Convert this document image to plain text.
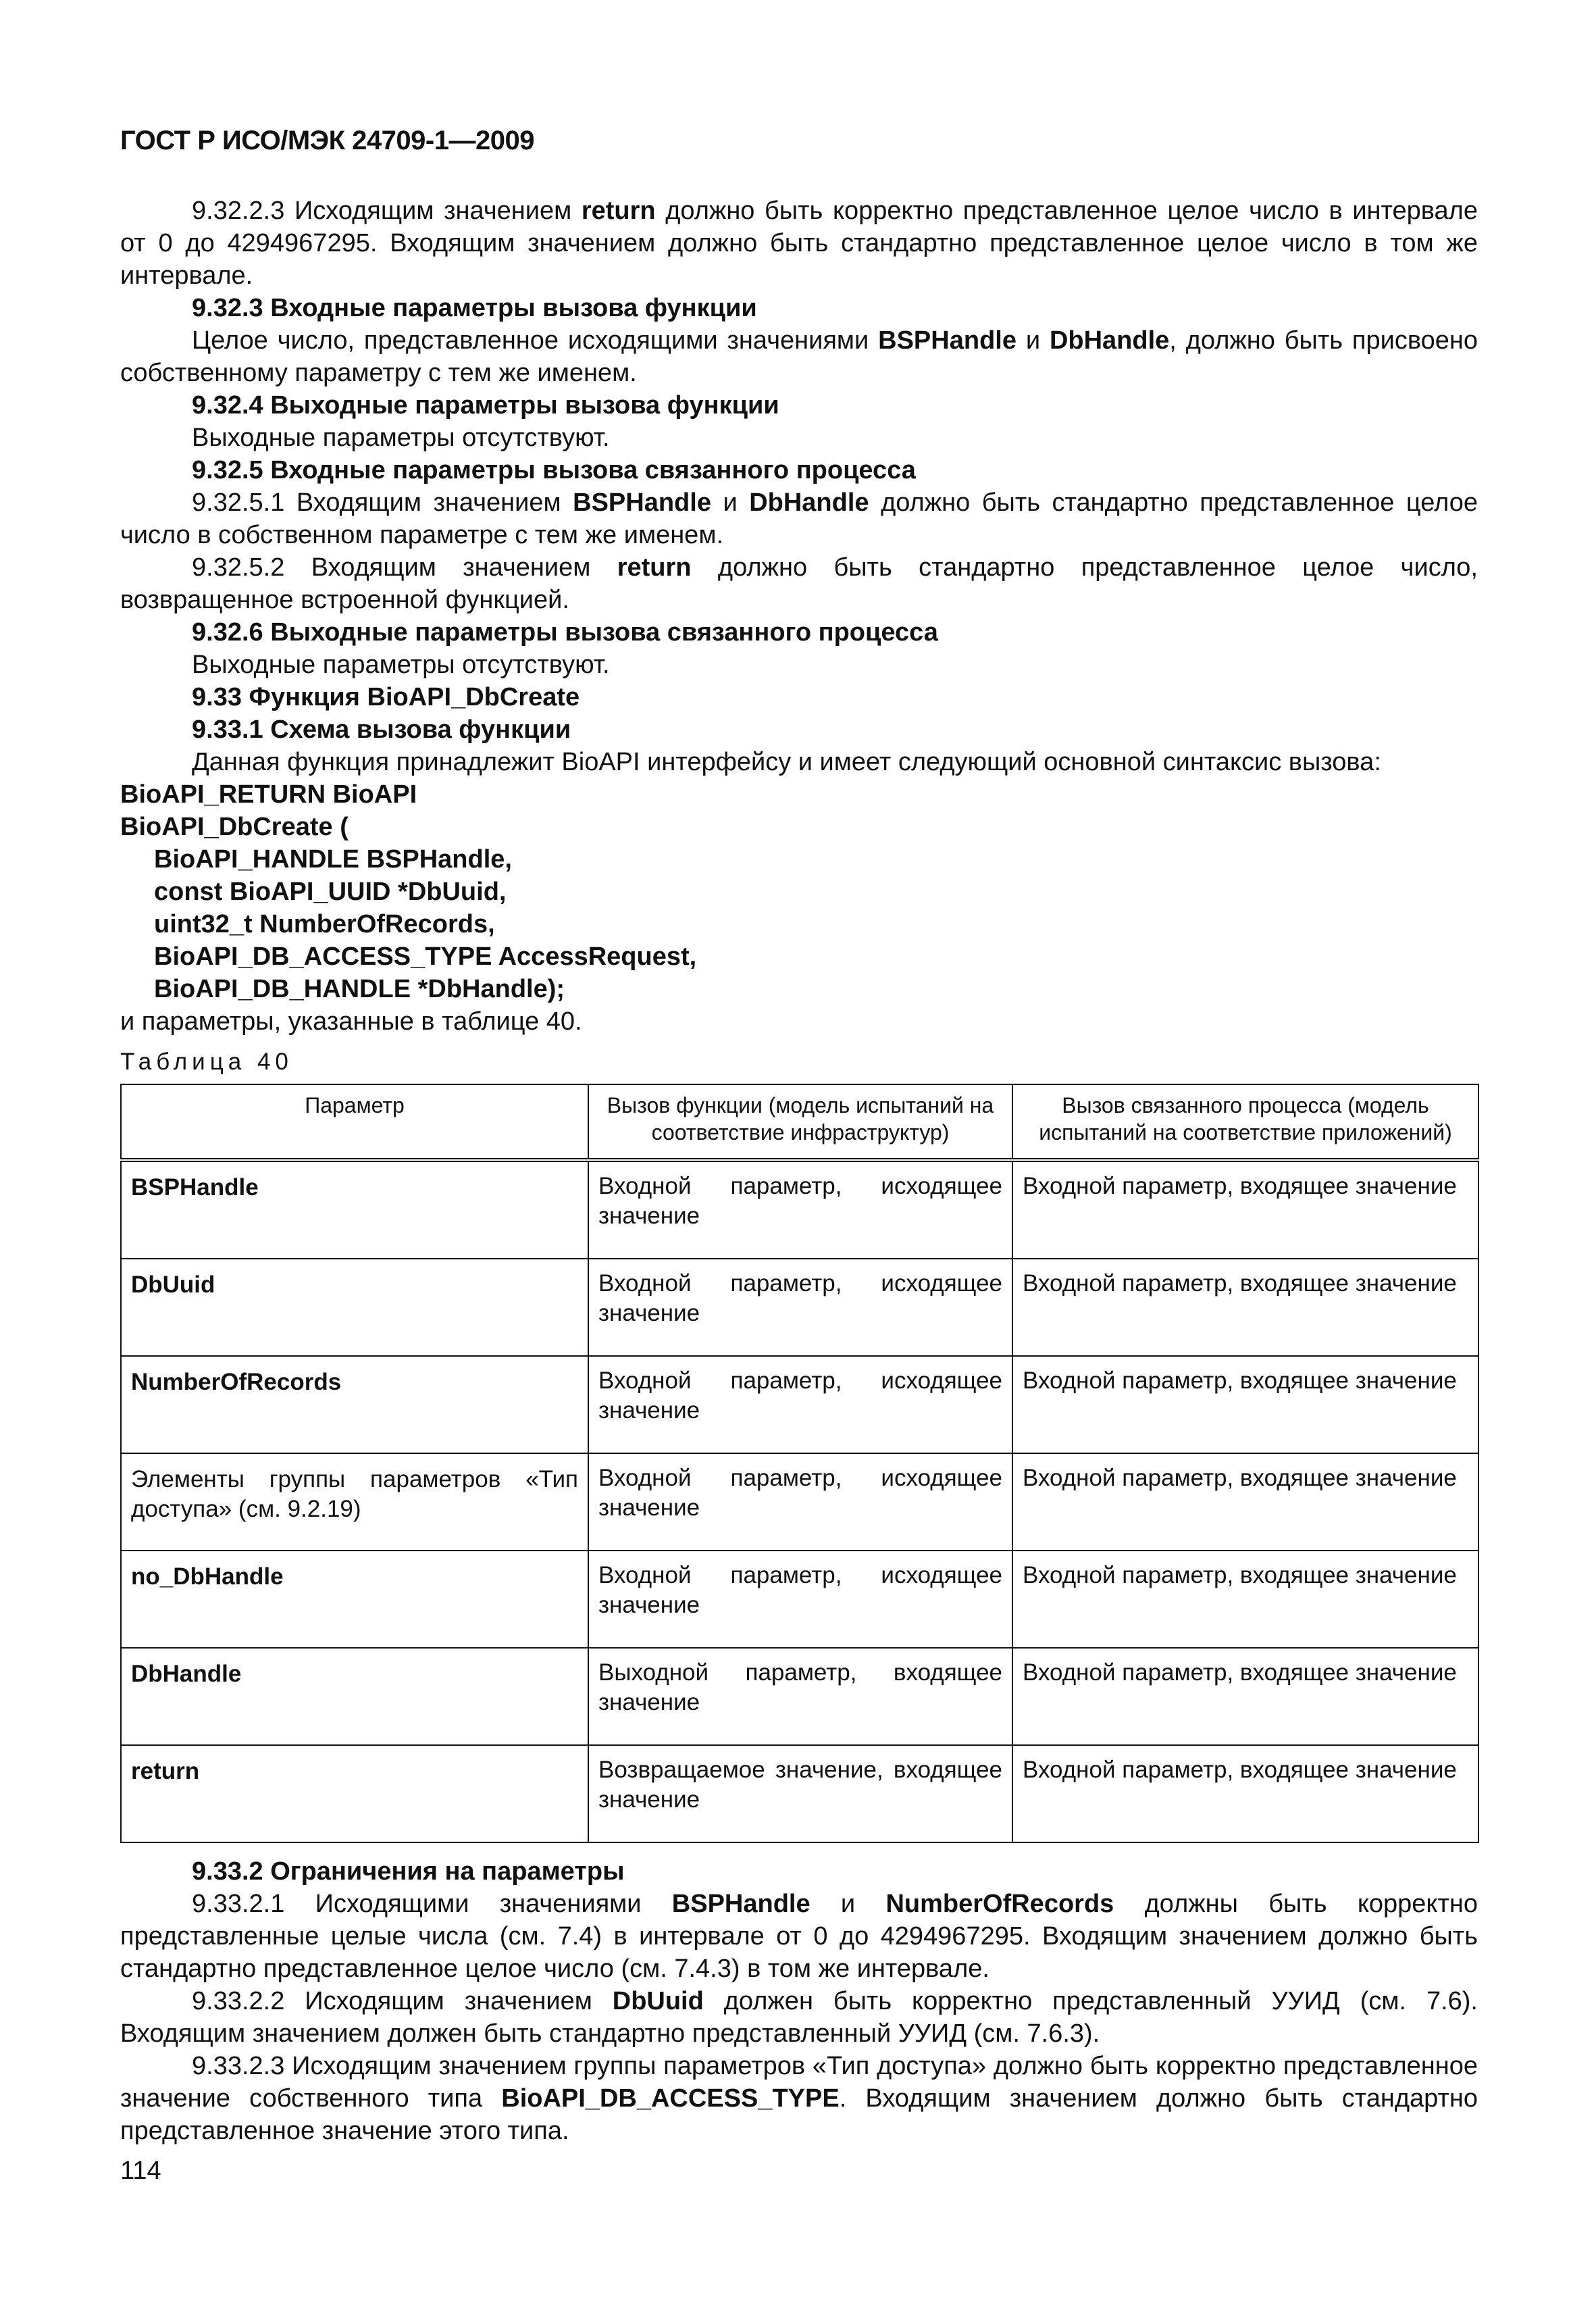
ГОСТ Р ИСО/МЭК 24709-1—2009

9.32.2.3 Исходящим значением return должно быть корректно представленное целое число в интервале от 0 до 4294967295. Входящим значением должно быть стандартно представленное целое число в том же интервале.

9.32.3 Входные параметры вызова функции

Целое число, представленное исходящими значениями BSPHandle и DbHandle, должно быть присвоено собственному параметру с тем же именем.

9.32.4 Выходные параметры вызова функции

Выходные параметры отсутствуют.

9.32.5 Входные параметры вызова связанного процесса

9.32.5.1 Входящим значением BSPHandle и DbHandle должно быть стандартно представленное целое число в собственном параметре с тем же именем.

9.32.5.2 Входящим значением return должно быть стандартно представленное целое число, возвращенное встроенной функцией.

9.32.6 Выходные параметры вызова связанного процесса

Выходные параметры отсутствуют.

9.33 Функция BioAPI_DbCreate

9.33.1 Схема вызова функции

Данная функция принадлежит BioAPI интерфейсу и имеет следующий основной синтаксис вызова:

BioAPI_RETURN BioAPI

BioAPI_DbCreate (

BioAPI_HANDLE BSPHandle,

const BioAPI_UUID *DbUuid,

uint32_t NumberOfRecords,

BioAPI_DB_ACCESS_TYPE AccessRequest,

BioAPI_DB_HANDLE *DbHandle);

и параметры, указанные в таблице 40.

Таблица 40
Параметр	Вызов функции (модель испытаний на соответствие инфраструктур)	Вызов связанного процесса (модель испытаний на соответствие приложений)
BSPHandle	Входной параметр, исходящее значение	Входной параметр, входящее значение
DbUuid	Входной параметр, исходящее значение	Входной параметр, входящее значение
NumberOfRecords	Входной параметр, исходящее значение	Входной параметр, входящее значение
Элементы группы параметров «Тип доступа» (см. 9.2.19)	Входной параметр, исходящее значение	Входной параметр, входящее значение
no_DbHandle	Входной параметр, исходящее значение	Входной параметр, входящее значение
DbHandle	Выходной параметр, входящее значение	Входной параметр, входящее значение
return	Возвращаемое значение, входящее значение	Входной параметр, входящее значение

9.33.2 Ограничения на параметры

9.33.2.1 Исходящими значениями BSPHandle и NumberOfRecords должны быть корректно представленные целые числа (см. 7.4) в интервале от 0 до 4294967295. Входящим значением должно быть стандартно представленное целое число (см. 7.4.3) в том же интервале.

9.33.2.2 Исходящим значением DbUuid должен быть корректно представленный УУИД (см. 7.6). Входящим значением должен быть стандартно представленный УУИД (см. 7.6.3).

9.33.2.3 Исходящим значением группы параметров «Тип доступа» должно быть корректно представленное значение собственного типа BioAPI_DB_ACCESS_TYPE. Входящим значением должно быть стандартно представленное значение этого типа.

114
